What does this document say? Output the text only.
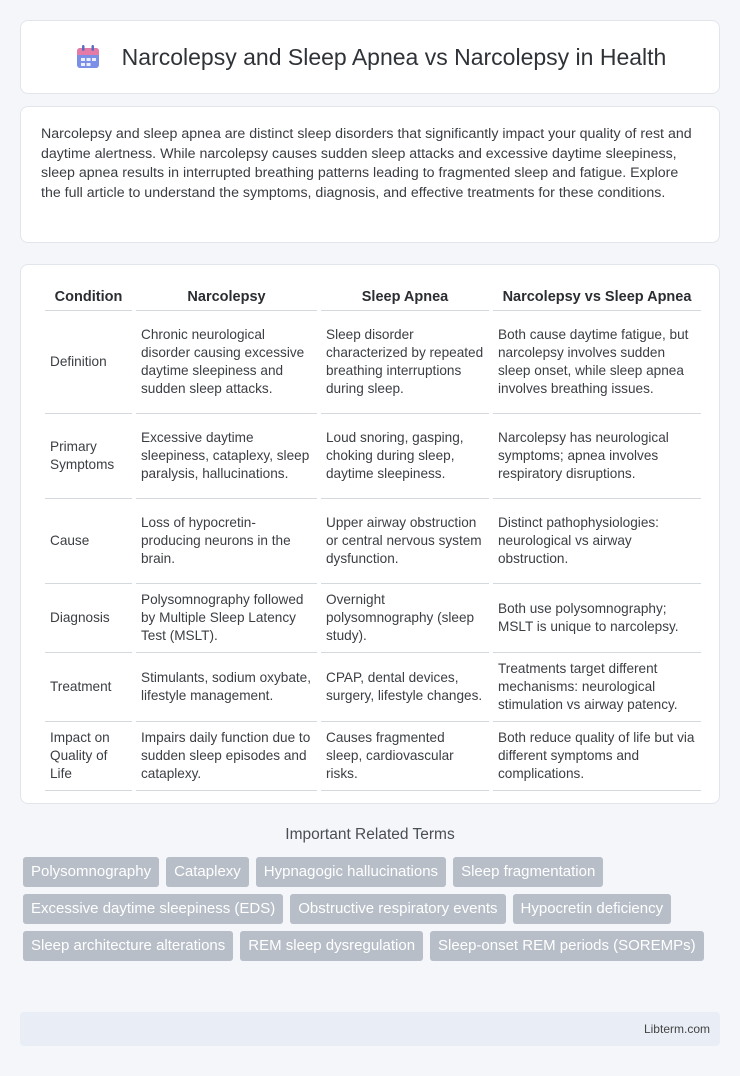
Narcolepsy and Sleep Apnea vs Narcolepsy in Health

Narcolepsy and sleep apnea are distinct sleep disorders that significantly impact your quality of rest and daytime alertness. While narcolepsy causes sudden sleep attacks and excessive daytime sleepiness, sleep apnea results in interrupted breathing patterns leading to fragmented sleep and fatigue. Explore the full article to understand the symptoms, diagnosis, and effective treatments for these conditions.

Condition	Narcolepsy	Sleep Apnea	Narcolepsy vs Sleep Apnea
Definition	Chronic neurological disorder causing excessive daytime sleepiness and sudden sleep attacks.	Sleep disorder characterized by repeated breathing interruptions during sleep.	Both cause daytime fatigue, but narcolepsy involves sudden sleep onset, while sleep apnea involves breathing issues.
Primary Symptoms	Excessive daytime sleepiness, cataplexy, sleep paralysis, hallucinations.	Loud snoring, gasping, choking during sleep, daytime sleepiness.	Narcolepsy has neurological symptoms; apnea involves respiratory disruptions.
Cause	Loss of hypocretin-producing neurons in the brain.	Upper airway obstruction or central nervous system dysfunction.	Distinct pathophysiologies: neurological vs airway obstruction.
Diagnosis	Polysomnography followed by Multiple Sleep Latency Test (MSLT).	Overnight polysomnography (sleep study).	Both use polysomnography; MSLT is unique to narcolepsy.
Treatment	Stimulants, sodium oxybate, lifestyle management.	CPAP, dental devices, surgery, lifestyle changes.	Treatments target different mechanisms: neurological stimulation vs airway patency.
Impact on Quality of Life	Impairs daily function due to sudden sleep episodes and cataplexy.	Causes fragmented sleep, cardiovascular risks.	Both reduce quality of life but via different symptoms and complications.
Important Related Terms
Polysomnography	Cataplexy	Hypnagogic hallucinations	Sleep fragmentation
Excessive daytime sleepiness (EDS)	Obstructive respiratory events	Hypocretin deficiency
Sleep architecture alterations	REM sleep dysregulation	Sleep-onset REM periods (SOREMPs)
Libterm.com
